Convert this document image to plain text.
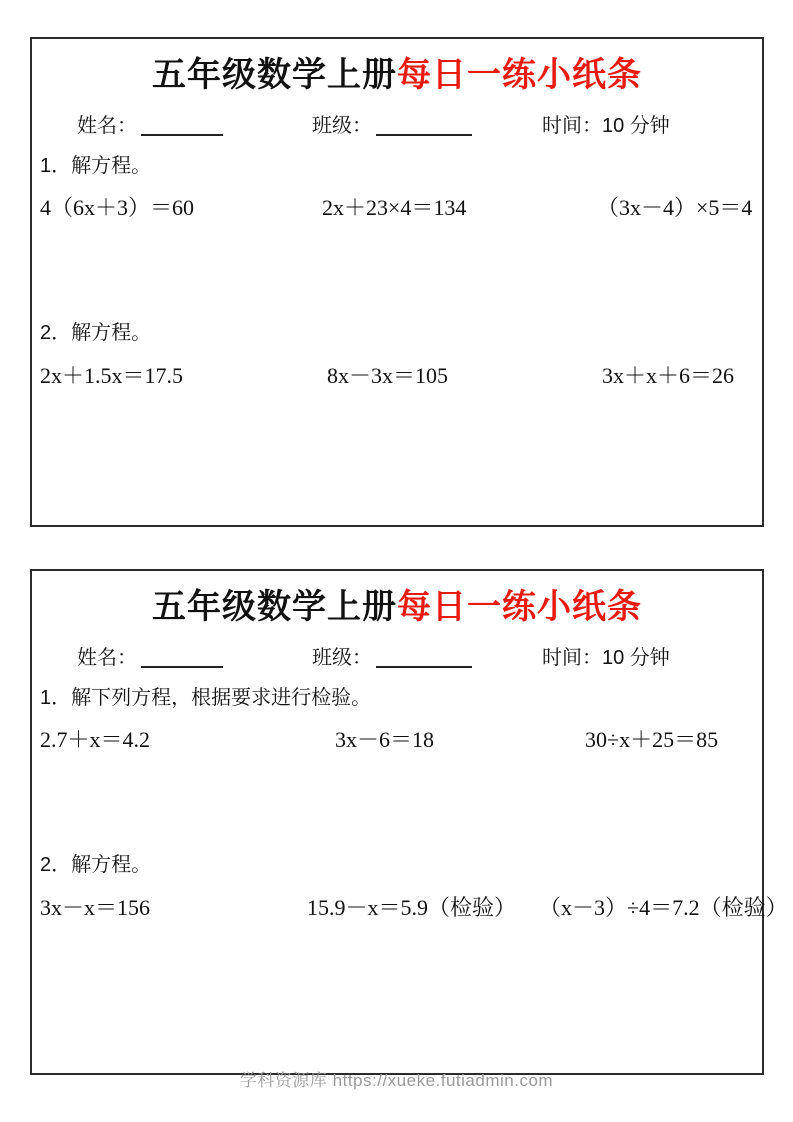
五年级数学上册每日一练小纸条
姓名：	班级：	时间：10 分钟
1．解方程。
4（6x＋3）＝60	2x＋23×4＝134	（3x－4）×5＝4
2．解方程。
2x＋1.5x＝17.5	8x－3x＝105	3x＋x＋6＝26
五年级数学上册每日一练小纸条
姓名：	班级：	时间：10 分钟
1．解下列方程，根据要求进行检验。
2.7＋x＝4.2	3x－6＝18	30÷x＋25＝85
2．解方程。
3x－x＝156	15.9－x＝5.9（检验） （x－3）÷4＝7.2（检验）
学科资源库 https://xueke.futiadmin.com
